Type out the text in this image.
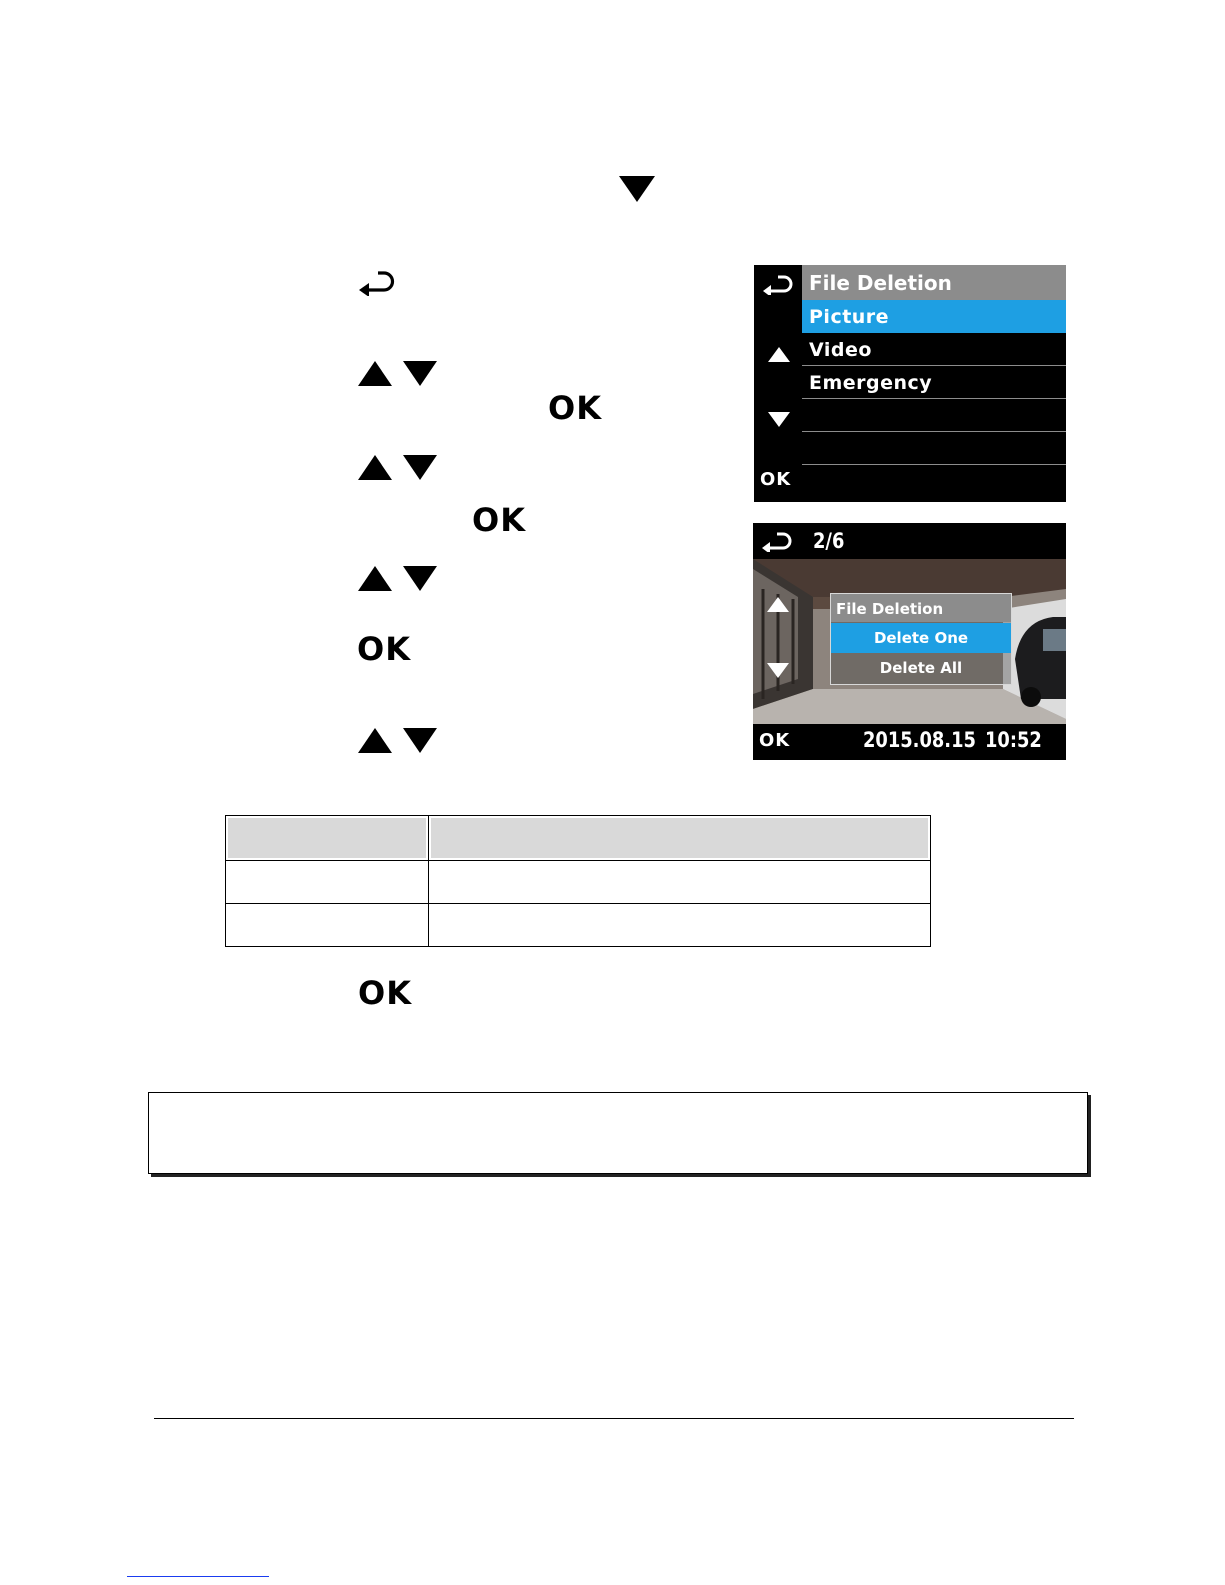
OK
OK
OK
OK
File Deletion
Picture
Video
Emergency
2/6
File Deletion
Delete One
Delete All
OK	2015.08.15 10:52

OK
